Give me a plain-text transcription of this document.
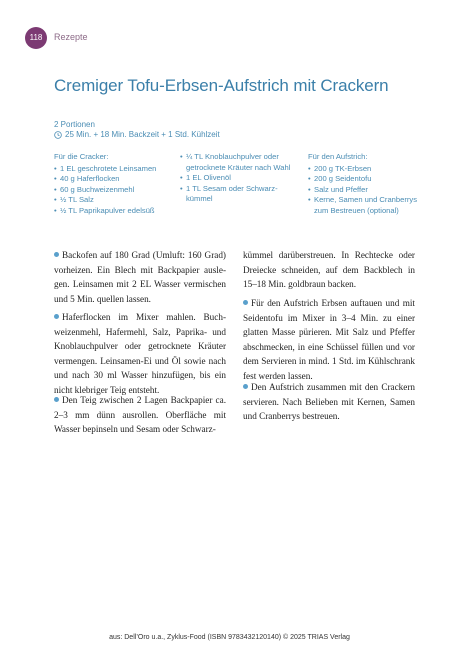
118	Rezepte
Cremiger Tofu-Erbsen-Aufstrich mit Crackern
2 Portionen
25 Min. + 18 Min. Backzeit + 1 Std. Kühlzeit
Für die Cracker:
• 1 EL geschrotete Leinsamen
• 40 g Haferflocken
• 60 g Buchweizenmehl
• ½ TL Salz
• ½ TL Paprikapulver edelsüß
• ¼ TL Knoblauchpulver oder getrocknete Kräuter nach Wahl
• 1 EL Olivenöl
• 1 TL Sesam oder Schwarzkümmel
Für den Aufstrich:
• 200 g TK-Erbsen
• 200 g Seidentofu
• Salz und Pfeffer
• Kerne, Samen und Cranberrys zum Bestreuen (optional)
Backofen auf 180 Grad (Umluft: 160 Grad) vorheizen. Ein Blech mit Backpapier auslegen. Leinsamen mit 2 EL Wasser vermischen und 5 Min. quellen lassen.
Haferflocken im Mixer mahlen. Buchweizenmehl, Hafermehl, Salz, Paprika- und Knoblauchpulver oder getrocknete Kräuter vermengen. Leinsamen-Ei und Öl sowie nach und nach 30 ml Wasser hinzufügen, bis ein nicht klebriger Teig entsteht.
Den Teig zwischen 2 Lagen Backpapier ca. 2–3 mm dünn ausrollen. Oberfläche mit Wasser bepinseln und Sesam oder Schwarz-
kümmel darüberstreuen. In Rechtecke oder Dreiecke schneiden, auf dem Backblech in 15–18 Min. goldbraun backen.
Für den Aufstrich Erbsen auftauen und mit Seidentofu im Mixer in 3–4 Min. zu einer glatten Masse pürieren. Mit Salz und Pfeffer abschmecken, in eine Schüssel füllen und vor dem Servieren in mind. 1 Std. im Kühlschrank fest werden lassen.
Den Aufstrich zusammen mit den Crackern servieren. Nach Belieben mit Kernen, Samen und Cranberrys bestreuen.
aus: Dell’Oro u.a., Zyklus-Food (ISBN 9783432120140) © 2025 TRIAS Verlag
